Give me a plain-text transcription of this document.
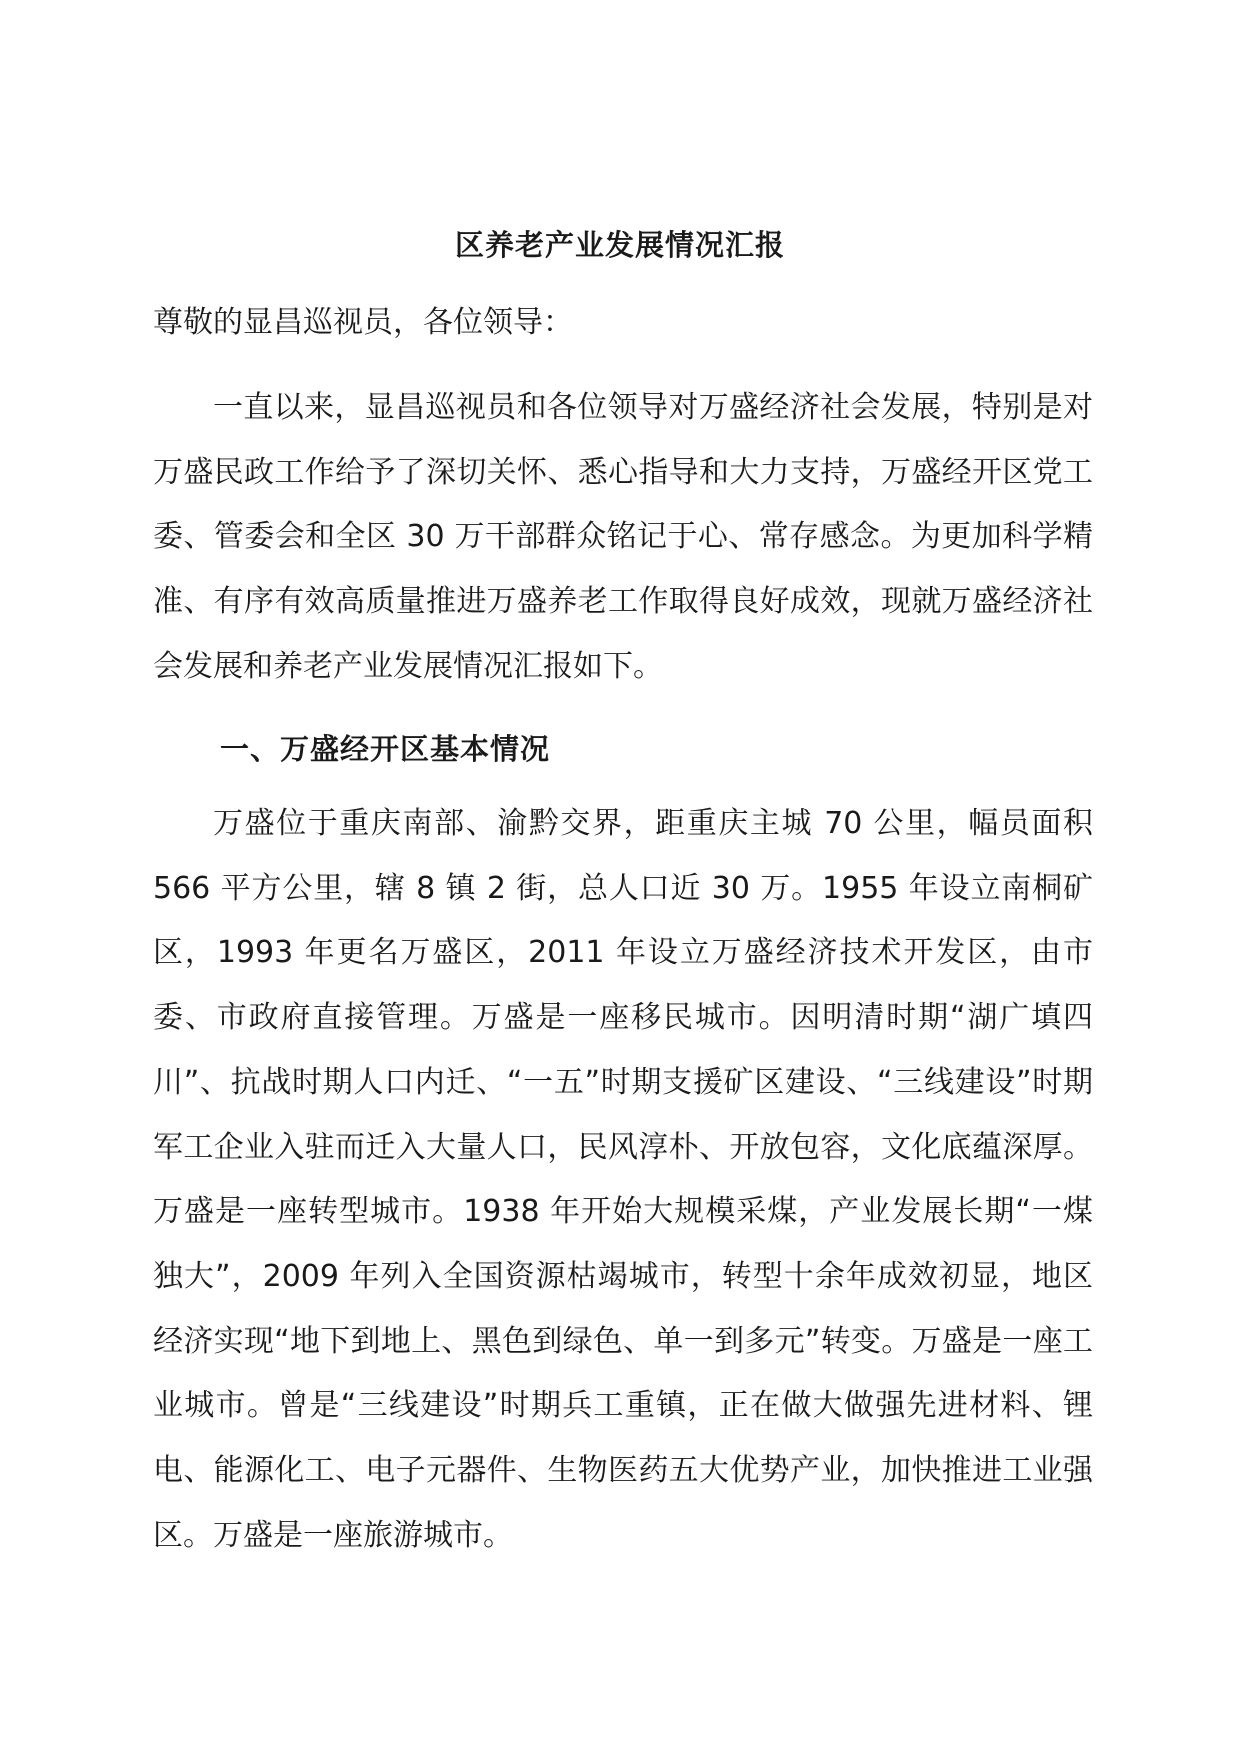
区养老产业发展情况汇报
尊敬的显昌巡视员，各位领导：

一直以来，显昌巡视员和各位领导对万盛经济社会发展，特别是对万盛民政工作给予了深切关怀、悉心指导和大力支持，万盛经开区党工委、管委会和全区 30 万干部群众铭记于心、常存感念。为更加科学精准、有序有效高质量推进万盛养老工作取得良好成效，现就万盛经济社会发展和养老产业发展情况汇报如下。

一、万盛经开区基本情况

万盛位于重庆南部、渝黔交界，距重庆主城 70 公里，幅员面积566 平方公里，辖 8 镇 2 街，总人口近 30 万。1955 年设立南桐矿区，1993 年更名万盛区，2011 年设立万盛经济技术开发区，由市委、市政府直接管理。万盛是一座移民城市。因明清时期“湖广填四川”、抗战时期人口内迁、“一五”时期支援矿区建设、“三线建设”时期军工企业入驻而迁入大量人口，民风淳朴、开放包容，文化底蕴深厚。万盛是一座转型城市。1938 年开始大规模采煤，产业发展长期“一煤独大”，2009 年列入全国资源枯竭城市，转型十余年成效初显，地区经济实现“地下到地上、黑色到绿色、单一到多元”转变。万盛是一座工业城市。曾是“三线建设”时期兵工重镇，正在做大做强先进材料、锂电、能源化工、电子元器件、生物医药五大优势产业，加快推进工业强区。万盛是一座旅游城市。
